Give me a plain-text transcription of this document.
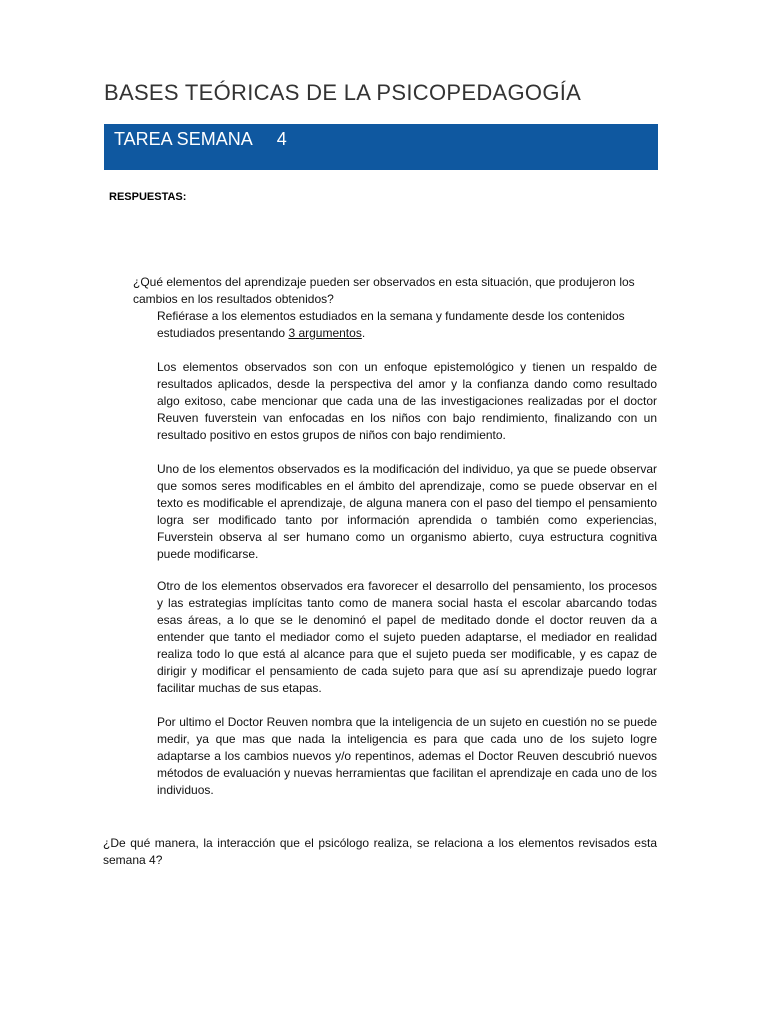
BASES TEÓRICAS DE LA PSICOPEDAGOGÍA
TAREA SEMANA     4
RESPUESTAS:
¿Qué elementos del aprendizaje pueden ser observados en esta situación, que produjeron los cambios en los resultados obtenidos?
Refiérase a los elementos estudiados en la semana y fundamente desde los contenidos estudiados presentando 3 argumentos.

Los elementos observados son con un enfoque epistemológico y tienen un respaldo de resultados aplicados, desde la perspectiva del amor y la confianza dando como resultado algo exitoso, cabe mencionar que cada una de las investigaciones realizadas por el doctor Reuven fuverstein van enfocadas en los niños con bajo rendimiento, finalizando con un resultado positivo en estos grupos de niños con bajo rendimiento.

Uno de los elementos observados es la modificación del individuo, ya que se puede observar que somos seres modificables en el ámbito del aprendizaje, como se puede observar en el texto es modificable el aprendizaje, de alguna manera con el paso del tiempo el pensamiento logra ser modificado tanto por información aprendida o también como experiencias, Fuverstein observa al ser humano como un organismo abierto, cuya estructura cognitiva puede modificarse.

Otro de los elementos observados era favorecer el desarrollo del pensamiento, los procesos y las estrategias implícitas tanto como de manera social hasta el escolar abarcando todas esas áreas, a lo que se le denominó el papel de meditado donde el doctor reuven da a entender que tanto el mediador como el sujeto pueden adaptarse, el mediador en realidad realiza todo lo que está al alcance para que el sujeto pueda ser modificable, y es capaz de dirigir y modificar el pensamiento de cada sujeto para que así su aprendizaje puedo lograr facilitar muchas de sus etapas.

Por ultimo el Doctor Reuven nombra que la inteligencia de un sujeto en cuestión no se puede medir, ya que mas que nada la inteligencia es para que cada uno de los sujeto logre adaptarse a los cambios nuevos y/o repentinos, ademas el Doctor Reuven descubrió nuevos métodos de evaluación y nuevas herramientas que facilitan el aprendizaje en cada uno de los individuos.

¿De qué manera, la interacción que el psicólogo realiza, se relaciona a los elementos revisados esta semana 4?
